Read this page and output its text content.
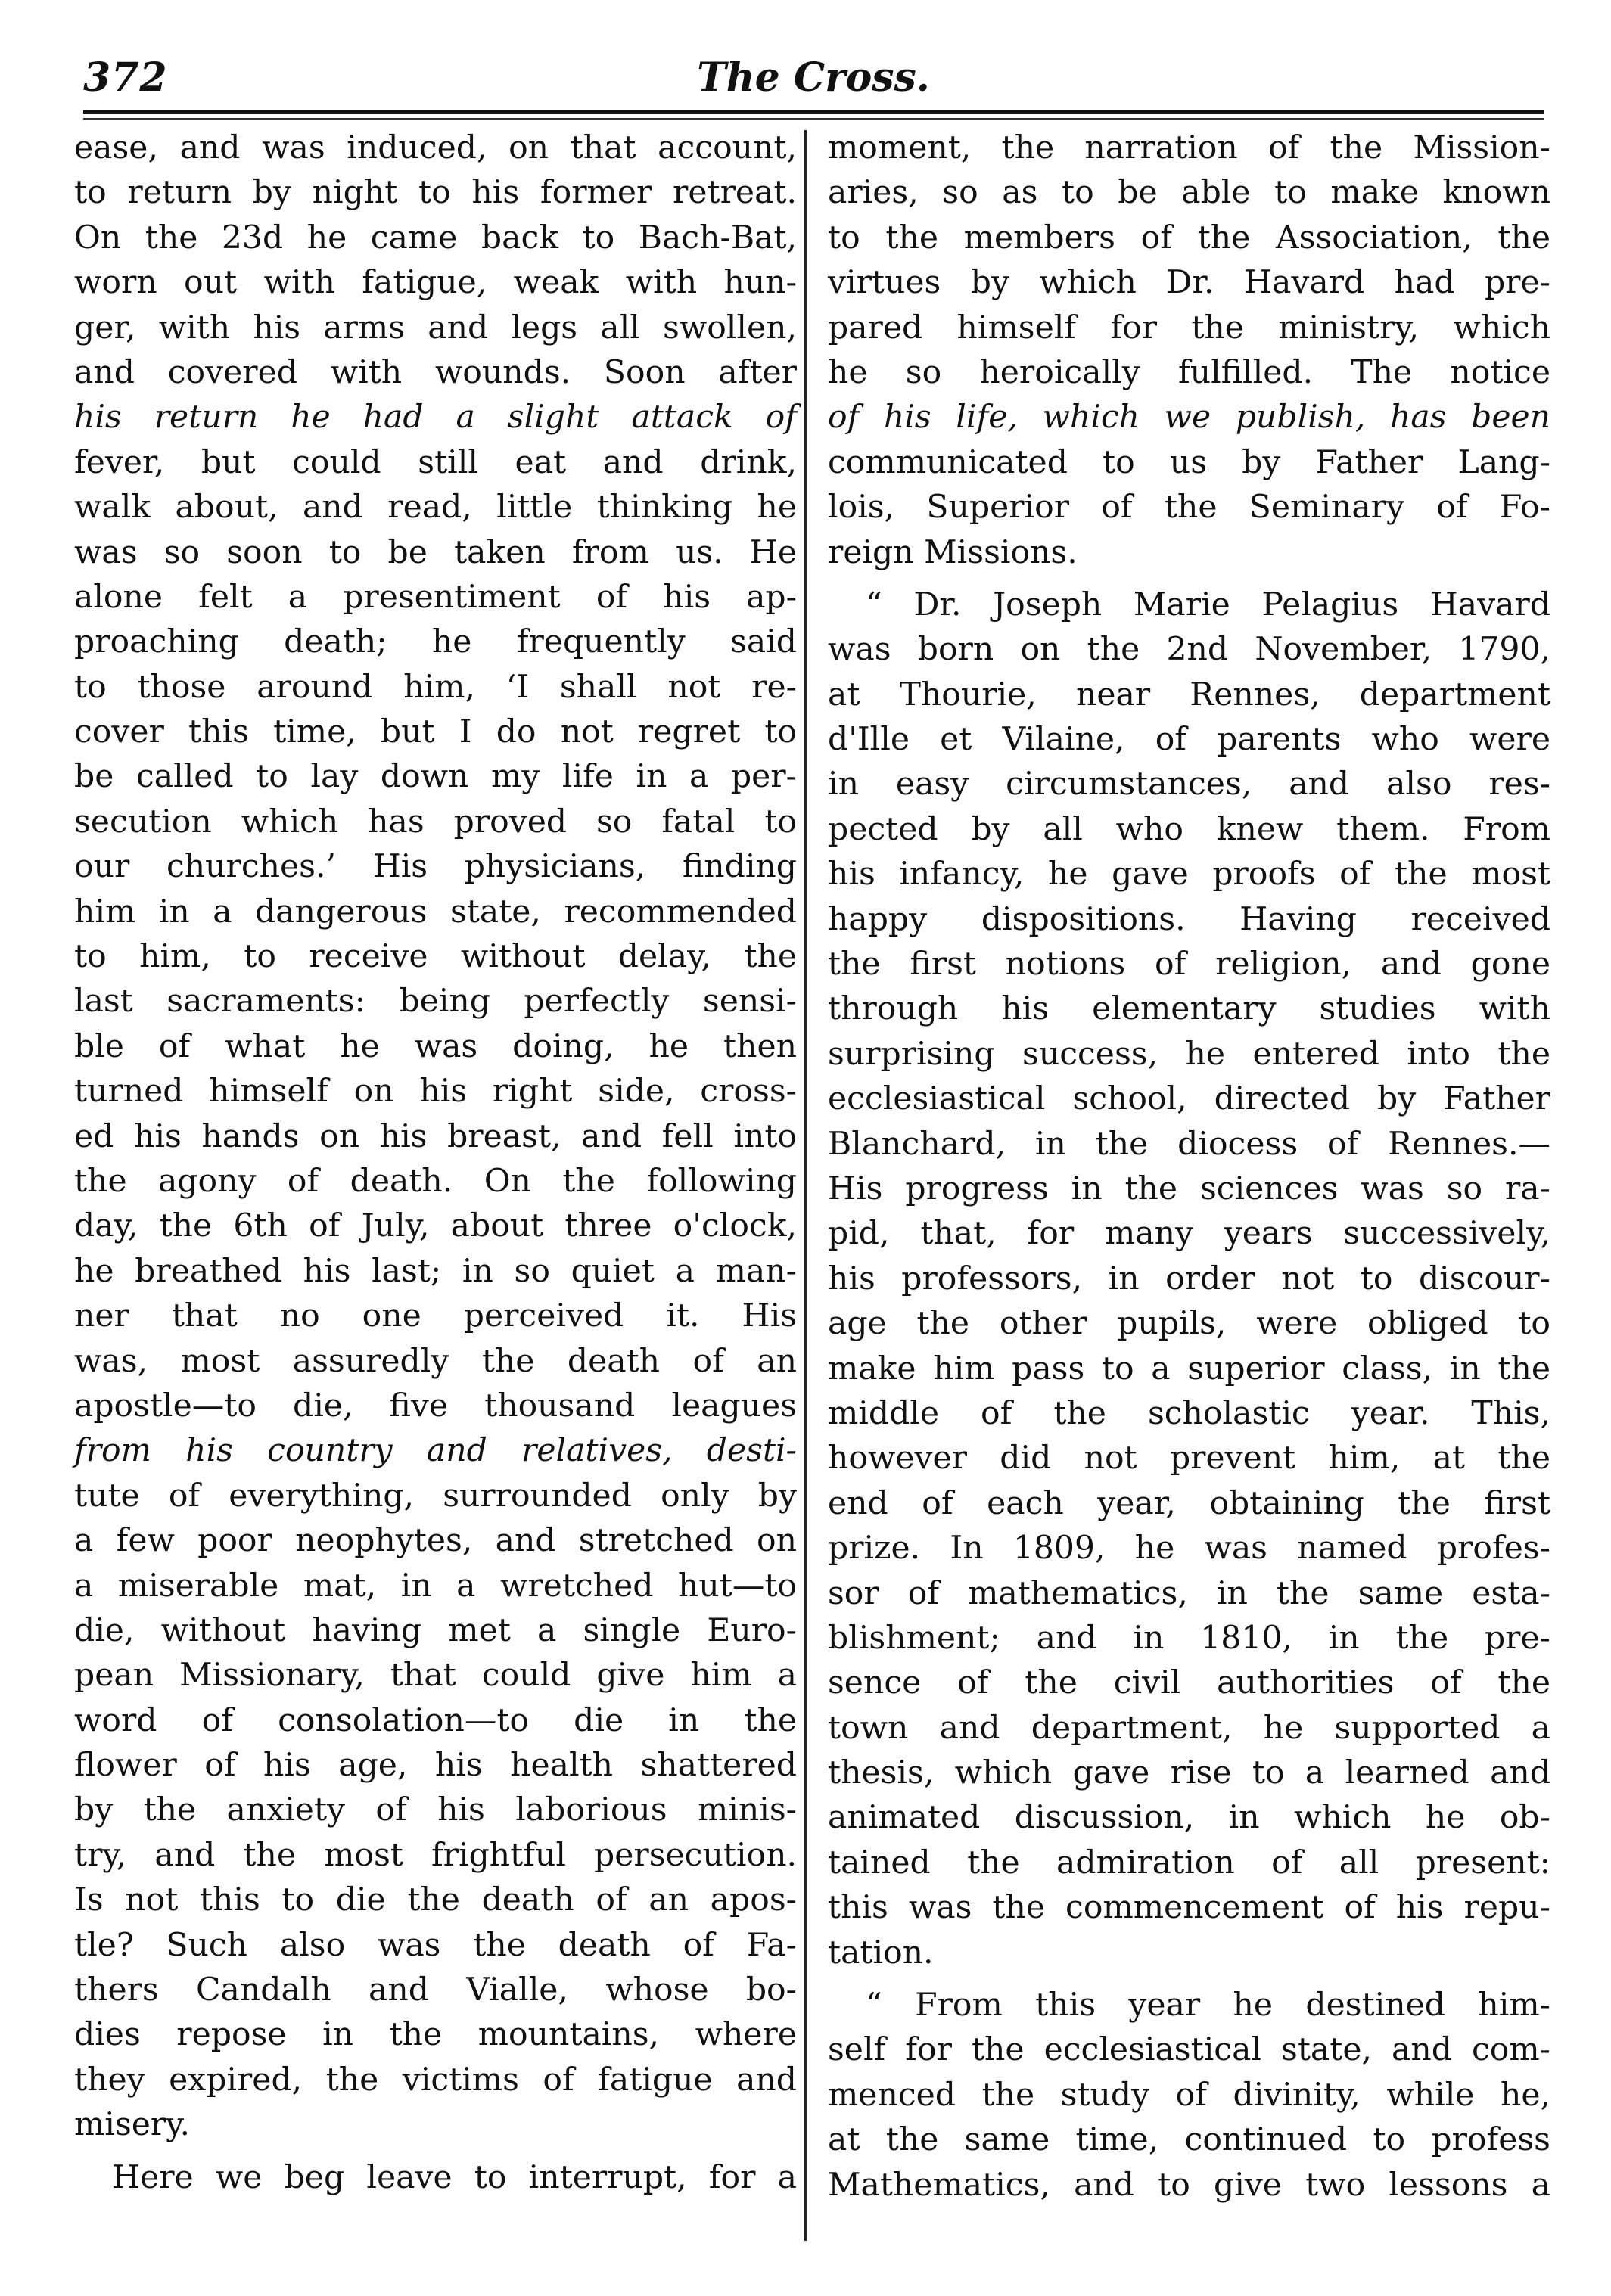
372	The Cross.
ease, and was induced, on that account,
to return by night to his former retreat.
On the 23d he came back to Bach-Bat,
worn out with fatigue, weak with hun-
ger, with his arms and legs all swollen,
and covered with wounds. Soon after
his return he had a slight attack of
fever, but could still eat and drink,
walk about, and read, little thinking he
was so soon to be taken from us. He
alone felt a presentiment of his ap-
proaching death; he frequently said
to those around him, ‘I shall not re-
cover this time, but I do not regret to
be called to lay down my life in a per-
secution which has proved so fatal to
our churches.’ His physicians, finding
him in a dangerous state, recommended
to him, to receive without delay, the
last sacraments: being perfectly sensi-
ble of what he was doing, he then
turned himself on his right side, cross-
ed his hands on his breast, and fell into
the agony of death. On the following
day, the 6th of July, about three o'clock,
he breathed his last; in so quiet a man-
ner that no one perceived it. His
was, most assuredly the death of an
apostle—to die, five thousand leagues
from his country and relatives, desti-
tute of everything, surrounded only by
a few poor neophytes, and stretched on
a miserable mat, in a wretched hut—to
die, without having met a single Euro-
pean Missionary, that could give him a
word of consolation—to die in the
flower of his age, his health shattered
by the anxiety of his laborious minis-
try, and the most frightful persecution.
Is not this to die the death of an apos-
tle? Such also was the death of Fa-
thers Candalh and Vialle, whose bo-
dies repose in the mountains, where
they expired, the victims of fatigue and
misery.
Here we beg leave to interrupt, for a
moment, the narration of the Mission-
aries, so as to be able to make known
to the members of the Association, the
virtues by which Dr. Havard had pre-
pared himself for the ministry, which
he so heroically fulfilled. The notice
of his life, which we publish, has been
communicated to us by Father Lang-
lois, Superior of the Seminary of Fo-
reign Missions.
“ Dr. Joseph Marie Pelagius Havard
was born on the 2nd November, 1790,
at Thourie, near Rennes, department
d'Ille et Vilaine, of parents who were
in easy circumstances, and also res-
pected by all who knew them. From
his infancy, he gave proofs of the most
happy dispositions. Having received
the first notions of religion, and gone
through his elementary studies with
surprising success, he entered into the
ecclesiastical school, directed by Father
Blanchard, in the diocess of Rennes.—
His progress in the sciences was so ra-
pid, that, for many years successively,
his professors, in order not to discour-
age the other pupils, were obliged to
make him pass to a superior class, in the
middle of the scholastic year. This,
however did not prevent him, at the
end of each year, obtaining the first
prize. In 1809, he was named profes-
sor of mathematics, in the same esta-
blishment; and in 1810, in the pre-
sence of the civil authorities of the
town and department, he supported a
thesis, which gave rise to a learned and
animated discussion, in which he ob-
tained the admiration of all present:
this was the commencement of his repu-
tation.
“ From this year he destined him-
self for the ecclesiastical state, and com-
menced the study of divinity, while he,
at the same time, continued to profess
Mathematics, and to give two lessons a
